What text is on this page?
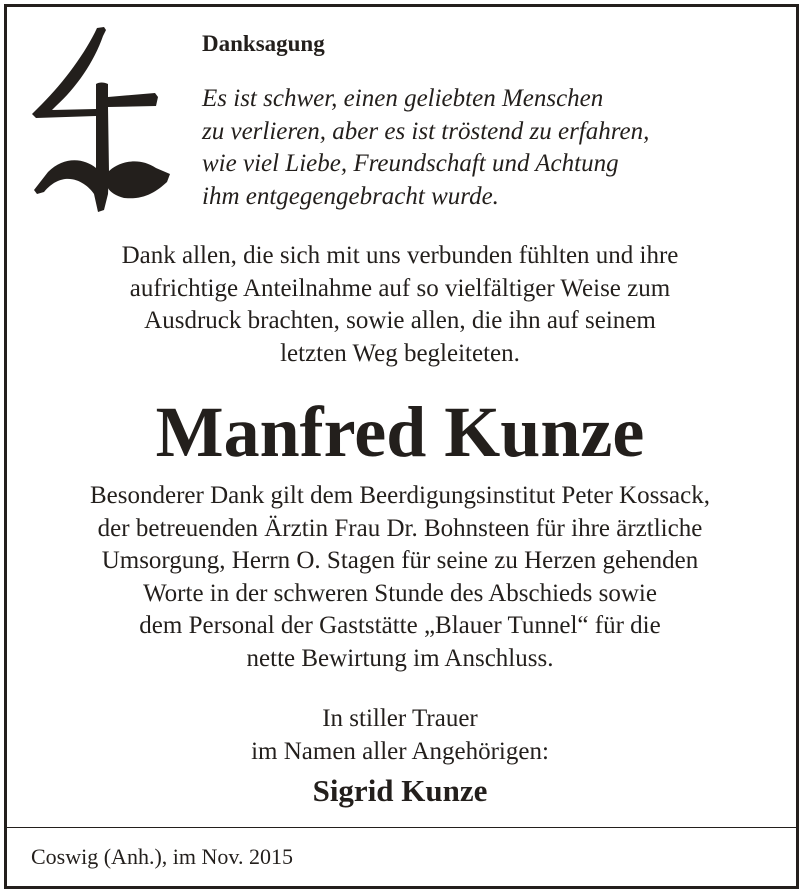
Danksagung

Es ist schwer, einen geliebten Menschen
zu verlieren, aber es ist tröstend zu erfahren,
wie viel Liebe, Freundschaft und Achtung
ihm entgegengebracht wurde.

Dank allen, die sich mit uns verbunden fühlten und ihre
aufrichtige Anteilnahme auf so vielfältiger Weise zum
Ausdruck brachten, sowie allen, die ihn auf seinem
letzten Weg begleiteten.

Manfred Kunze

Besonderer Dank gilt dem Beerdigungsinstitut Peter Kossack,
der betreuenden Ärztin Frau Dr. Bohnsteen für ihre ärztliche
Umsorgung, Herrn O. Stagen für seine zu Herzen gehenden
Worte in der schweren Stunde des Abschieds sowie
dem Personal der Gaststätte „Blauer Tunnel“ für die
nette Bewirtung im Anschluss.

In stiller Trauer
im Namen aller Angehörigen:

Sigrid Kunze

Coswig (Anh.), im Nov. 2015
